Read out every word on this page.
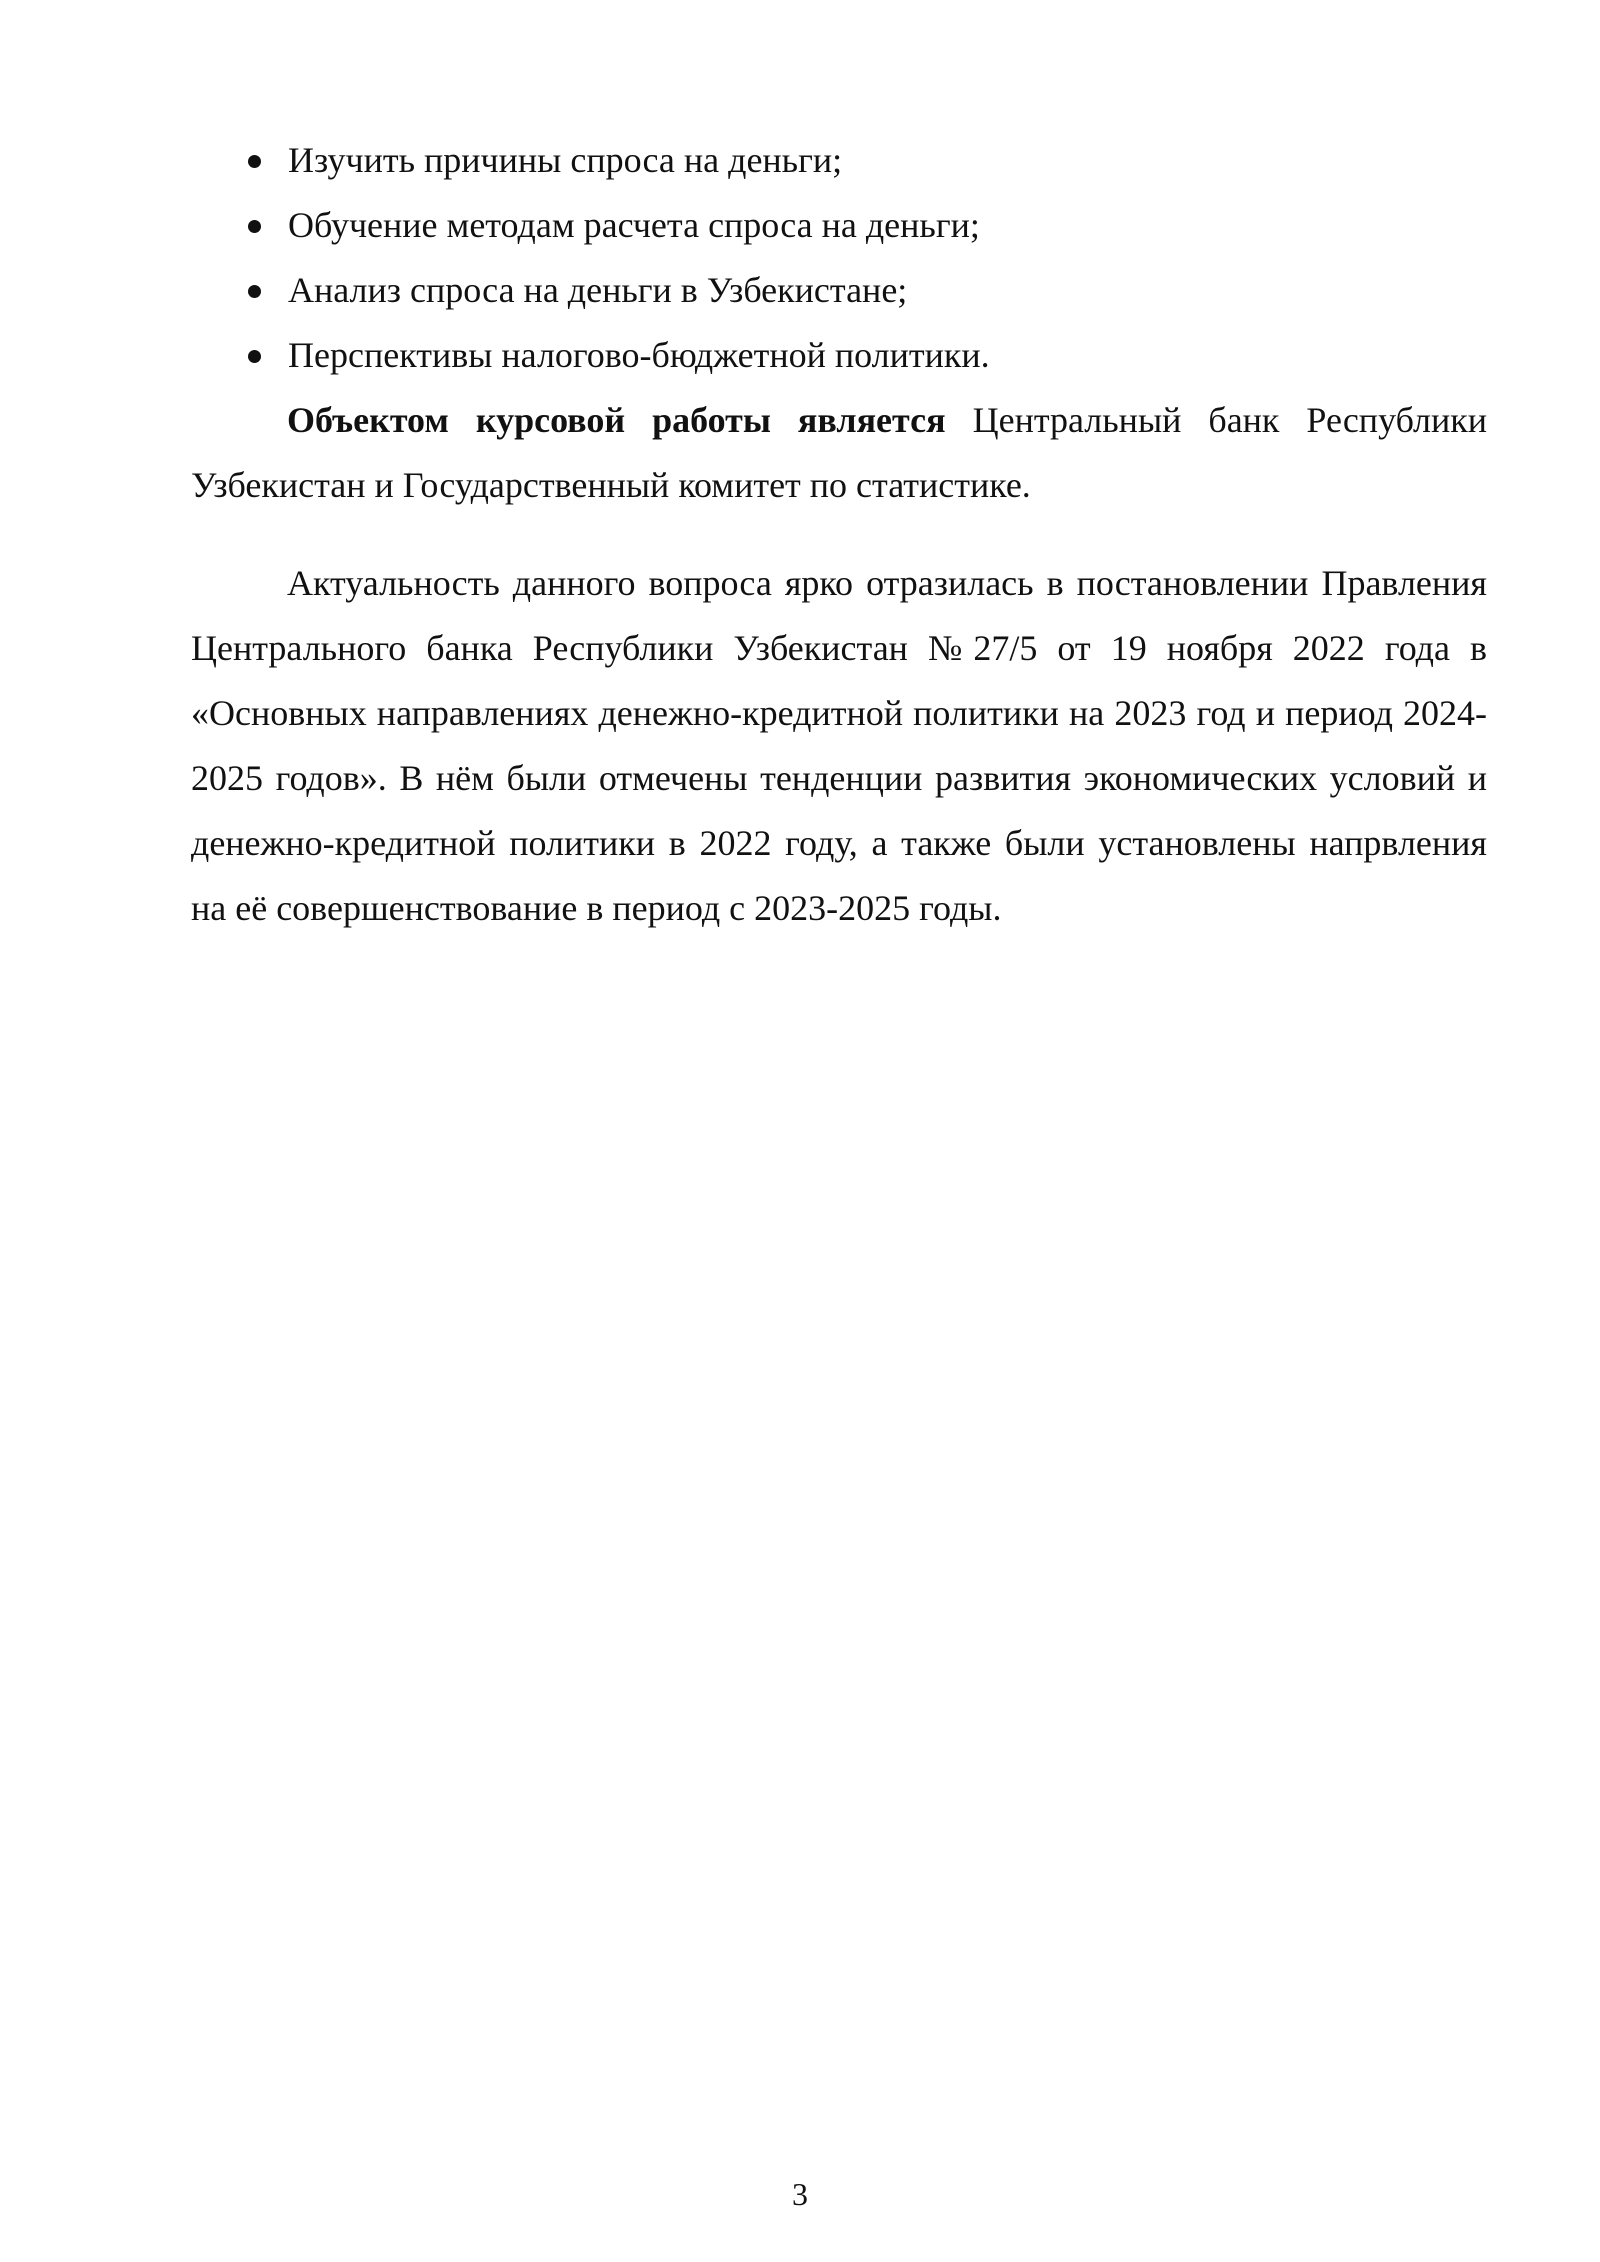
Изучить причины спроса на деньги;
Обучение методам расчета спроса на деньги;
Анализ спроса на деньги в Узбекистане;
Перспективы налогово-бюджетной политики.

Объектом курсовой работы является Центральный банк Республики Узбекистан и Государственный комитет по статистике.

Актуальность данного вопроса ярко отразилась в постановлении Правления Центрального банка Республики Узбекистан №27/5 от 19 ноября 2022 года в «Основных направлениях денежно-кредитной политики на 2023 год и период 2024-2025 годов». В нём были отмечены тенденции развития экономических условий и денежно-кредитной политики в 2022 году, а также были установлены напрвления на её совершенствование в период с 2023-2025 годы.

3
